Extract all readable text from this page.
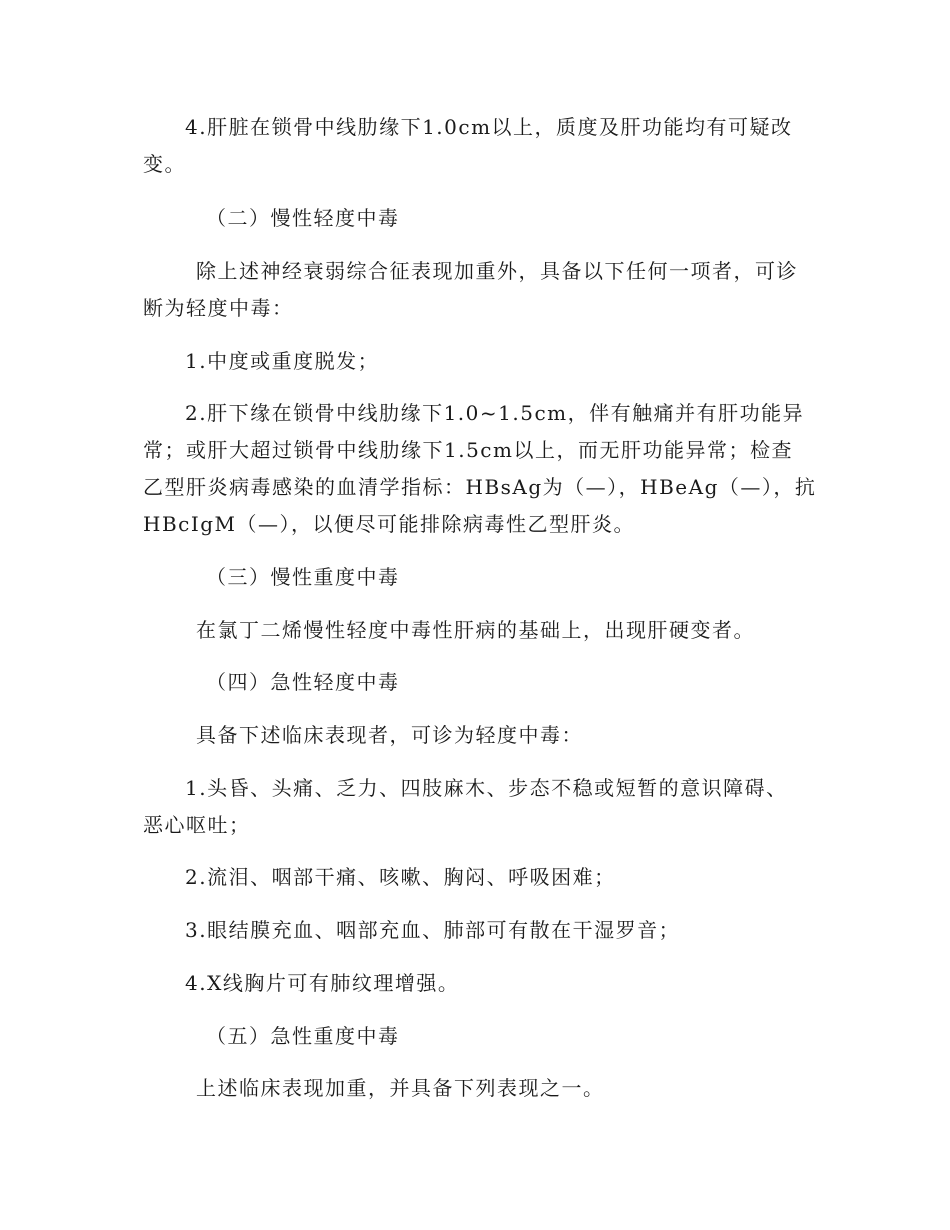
4.肝脏在锁骨中线肋缘下1.0cm以上，质度及肝功能均有可疑改
变。
（二）慢性轻度中毒
除上述神经衰弱综合征表现加重外，具备以下任何一项者，可诊
断为轻度中毒：
1.中度或重度脱发；
2.肝下缘在锁骨中线肋缘下1.0~1.5cm，伴有触痛并有肝功能异
常；或肝大超过锁骨中线肋缘下1.5cm以上，而无肝功能异常；检查
乙型肝炎病毒感染的血清学指标：HBsAg为（—），HBeAg（—），抗
HBcIgM（—），以便尽可能排除病毒性乙型肝炎。
（三）慢性重度中毒
在氯丁二烯慢性轻度中毒性肝病的基础上，出现肝硬变者。
（四）急性轻度中毒
具备下述临床表现者，可诊为轻度中毒：
1.头昏、头痛、乏力、四肢麻木、步态不稳或短暂的意识障碍、
恶心呕吐；
2.流泪、咽部干痛、咳嗽、胸闷、呼吸困难；
3.眼结膜充血、咽部充血、肺部可有散在干湿罗音；
4.X线胸片可有肺纹理增强。
（五）急性重度中毒
上述临床表现加重，并具备下列表现之一。
